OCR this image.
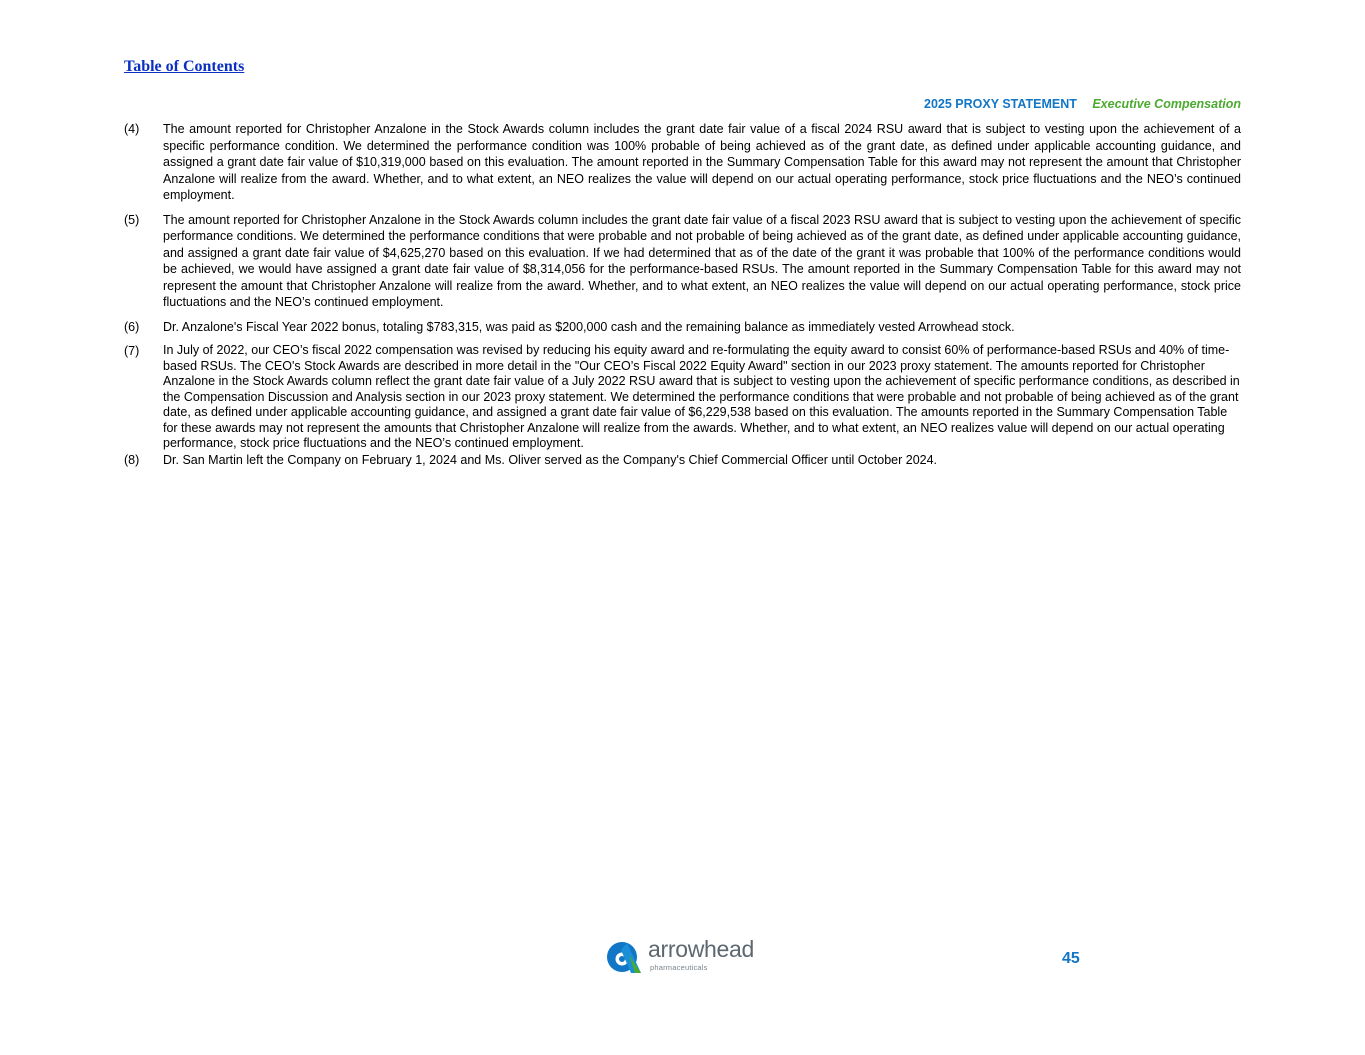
Table of Contents
2025 PROXY STATEMENT Executive Compensation
(4)	The amount reported for Christopher Anzalone in the Stock Awards column includes the grant date fair value of a fiscal 2024 RSU award that is subject to vesting upon the achievement of a specific performance condition. We determined the performance condition was 100% probable of being achieved as of the grant date, as defined under applicable accounting guidance, and assigned a grant date fair value of $10,319,000 based on this evaluation. The amount reported in the Summary Compensation Table for this award may not represent the amount that Christopher Anzalone will realize from the award. Whether, and to what extent, an NEO realizes the value will depend on our actual operating performance, stock price fluctuations and the NEO’s continued employment.
(5)	The amount reported for Christopher Anzalone in the Stock Awards column includes the grant date fair value of a fiscal 2023 RSU award that is subject to vesting upon the achievement of specific performance conditions. We determined the performance conditions that were probable and not probable of being achieved as of the grant date, as defined under applicable accounting guidance, and assigned a grant date fair value of $4,625,270 based on this evaluation. If we had determined that as of the date of the grant it was probable that 100% of the performance conditions would be achieved, we would have assigned a grant date fair value of $8,314,056 for the performance-based RSUs. The amount reported in the Summary Compensation Table for this award may not represent the amount that Christopher Anzalone will realize from the award. Whether, and to what extent, an NEO realizes the value will depend on our actual operating performance, stock price fluctuations and the NEO’s continued employment.
(6)	Dr. Anzalone's Fiscal Year 2022 bonus, totaling $783,315, was paid as $200,000 cash and the remaining balance as immediately vested Arrowhead stock.
(7)	In July of 2022, our CEO’s fiscal 2022 compensation was revised by reducing his equity award and re-formulating the equity award to consist 60% of performance-based RSUs and 40% of time-based RSUs. The CEO's Stock Awards are described in more detail in the "Our CEO’s Fiscal 2022 Equity Award" section in our 2023 proxy statement. The amounts reported for Christopher Anzalone in the Stock Awards column reflect the grant date fair value of a July 2022 RSU award that is subject to vesting upon the achievement of specific performance conditions, as described in the Compensation Discussion and Analysis section in our 2023 proxy statement. We determined the performance conditions that were probable and not probable of being achieved as of the grant date, as defined under applicable accounting guidance, and assigned a grant date fair value of $6,229,538 based on this evaluation. The amounts reported in the Summary Compensation Table for these awards may not represent the amounts that Christopher Anzalone will realize from the awards. Whether, and to what extent, an NEO realizes value will depend on our actual operating performance, stock price fluctuations and the NEO’s continued employment.
(8)	Dr. San Martin left the Company on February 1, 2024 and Ms. Oliver served as the Company's Chief Commercial Officer until October 2024.
arrowhead
pharmaceuticals
45
